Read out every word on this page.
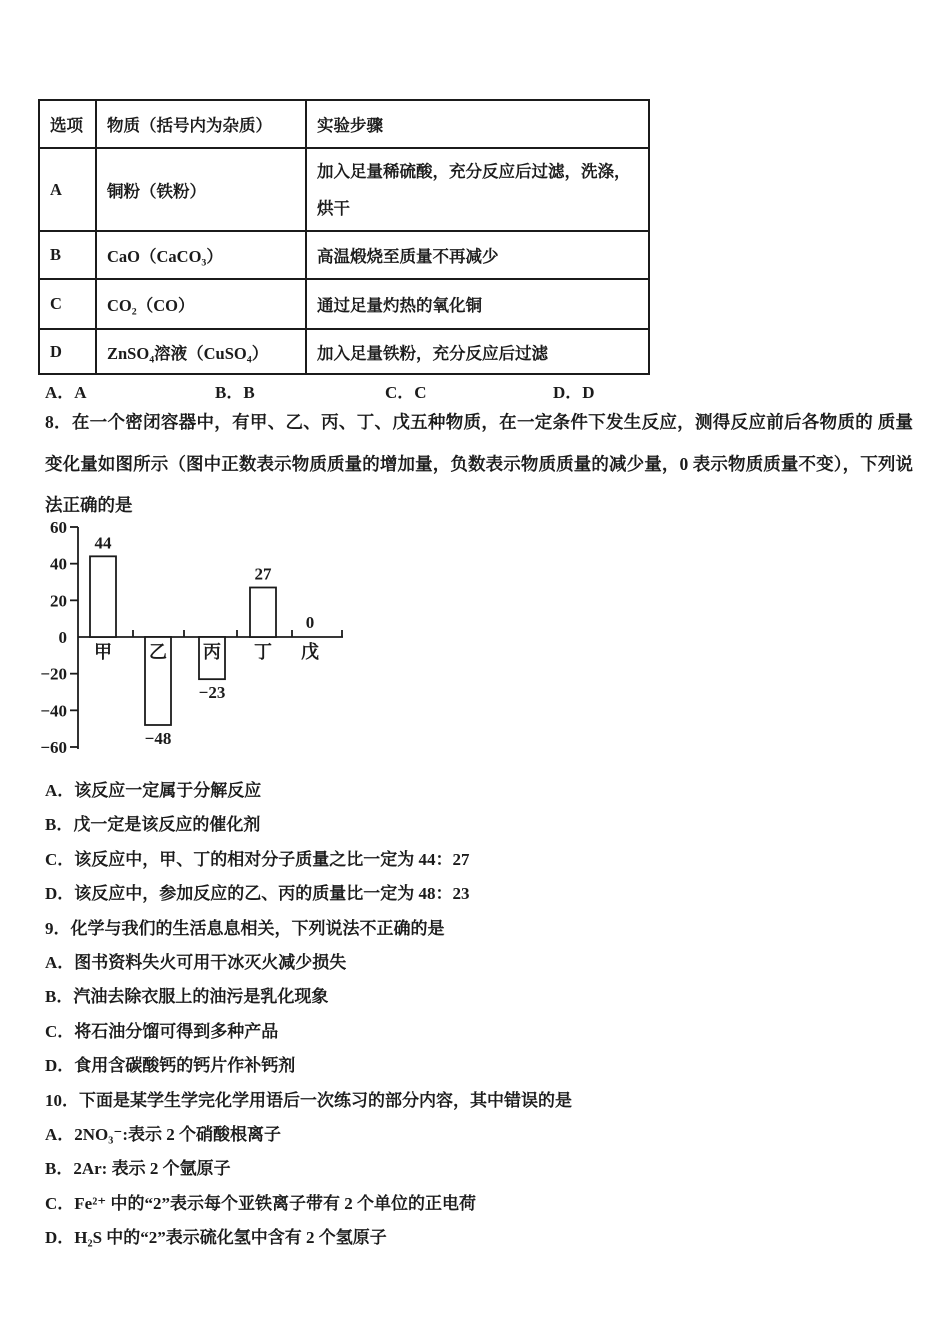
选项	物质（括号内为杂质）	实验步骤
A	铜粉（铁粉）	加入足量稀硫酸，充分反应后过滤，洗涤，烘干
B	CaO（CaCO₃）	高温煅烧至质量不再减少
C	CO₂（CO）	通过足量灼热的氧化铜
D	ZnSO₄溶液（CuSO₄）	加入足量铁粉，充分反应后过滤
A．A	B．B	C．C	D．D
8．在一个密闭容器中，有甲、乙、丙、丁、戊五种物质，在一定条件下发生反应，测得反应前后各物质的 质量变化量如图所示（图中正数表示物质质量的增加量，负数表示物质质量的减少量，0 表示物质质量不变），下列说法正确的是
60
40
20
0
−20
−40
−60
甲 乙 丙 丁 戊
44
−48
−23
27
0
A．该反应一定属于分解反应
B．戊一定是该反应的催化剂
C．该反应中，甲、丁的相对分子质量之比一定为 44：27
D．该反应中，参加反应的乙、丙的质量比一定为 48：23
9．化学与我们的生活息息相关，下列说法不正确的是
A．图书资料失火可用干冰灭火减少损失
B．汽油去除衣服上的油污是乳化现象
C．将石油分馏可得到多种产品
D．食用含碳酸钙的钙片作补钙剂
10．下面是某学生学完化学用语后一次练习的部分内容，其中错误的是
A．2NO₃⁻:表示 2 个硝酸根离子
B．2Ar: 表示 2 个氩原子
C．Fe²⁺ 中的“2”表示每个亚铁离子带有 2 个单位的正电荷
D．H₂S 中的“2”表示硫化氢中含有 2 个氢原子
